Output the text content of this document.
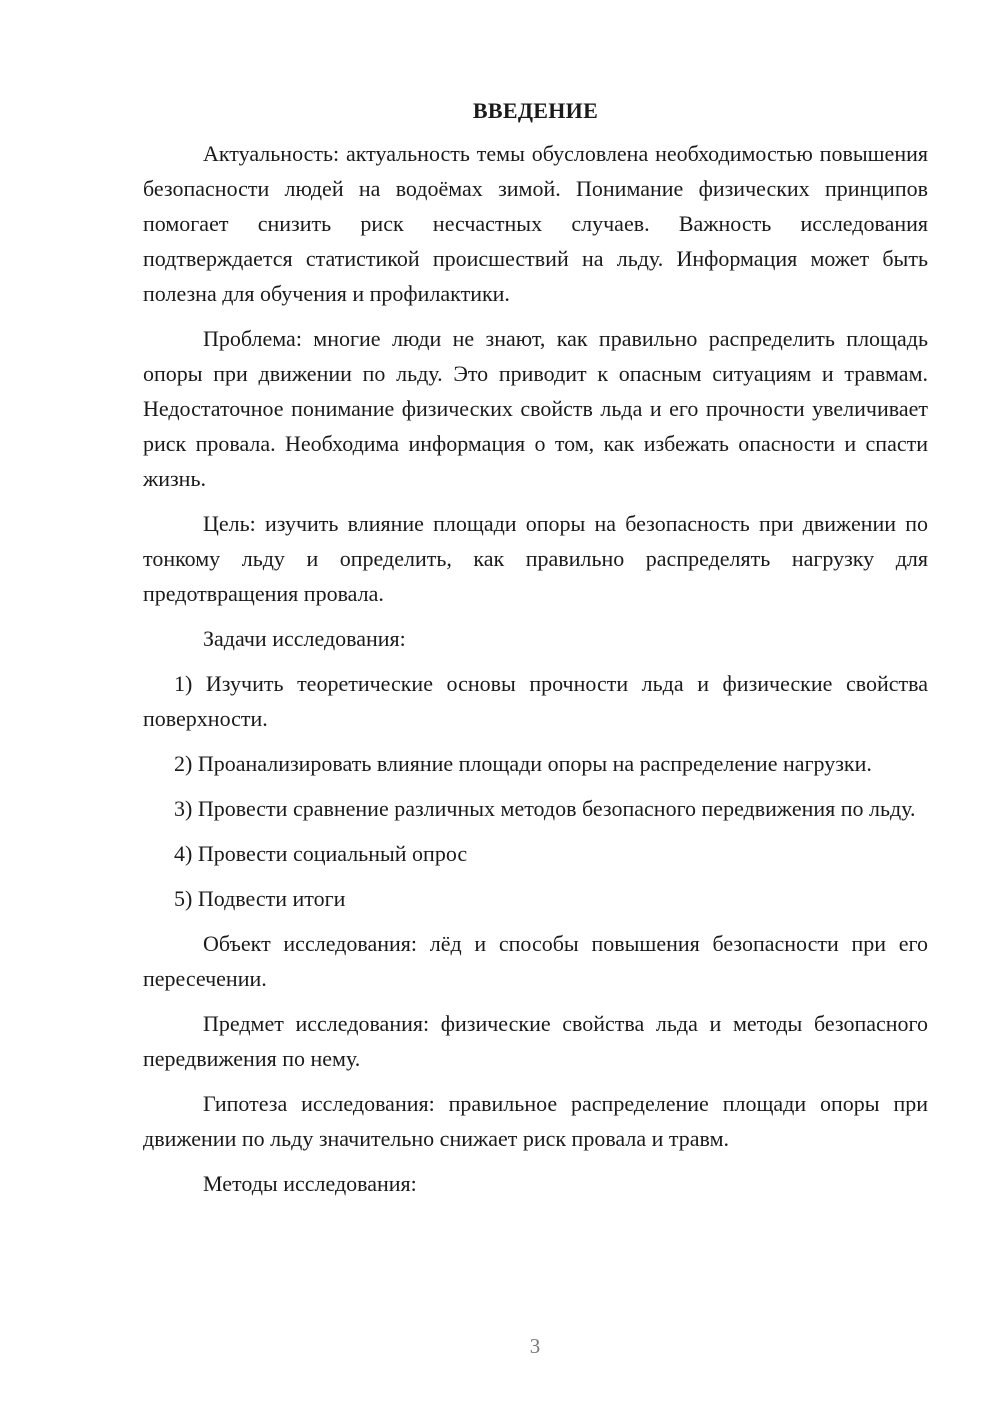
ВВЕДЕНИЕ

Актуальность: актуальность темы обусловлена необходимостью повышения безопасности людей на водоёмах зимой. Понимание физических принципов помогает снизить риск несчастных случаев. Важность исследования подтверждается статистикой происшествий на льду. Информация может быть полезна для обучения и профилактики.

Проблема: многие люди не знают, как правильно распределить площадь опоры при движении по льду. Это приводит к опасным ситуациям и травмам. Недостаточное понимание физических свойств льда и его прочности увеличивает риск провала. Необходима информация о том, как избежать опасности и спасти жизнь.

Цель: изучить влияние площади опоры на безопасность при движении по тонкому льду и определить, как правильно распределять нагрузку для предотвращения провала.

Задачи исследования:

1) Изучить теоретические основы прочности льда и физические свойства поверхности.

2) Проанализировать влияние площади опоры на распределение нагрузки.

3) Провести сравнение различных методов безопасного передвижения по льду.

4) Провести социальный опрос

5) Подвести итоги

Объект исследования: лёд и способы повышения безопасности при его пересечении.

Предмет исследования: физические свойства льда и методы безопасного передвижения по нему.

Гипотеза исследования: правильное распределение площади опоры при движении по льду значительно снижает риск провала и травм.

Методы исследования:

3
